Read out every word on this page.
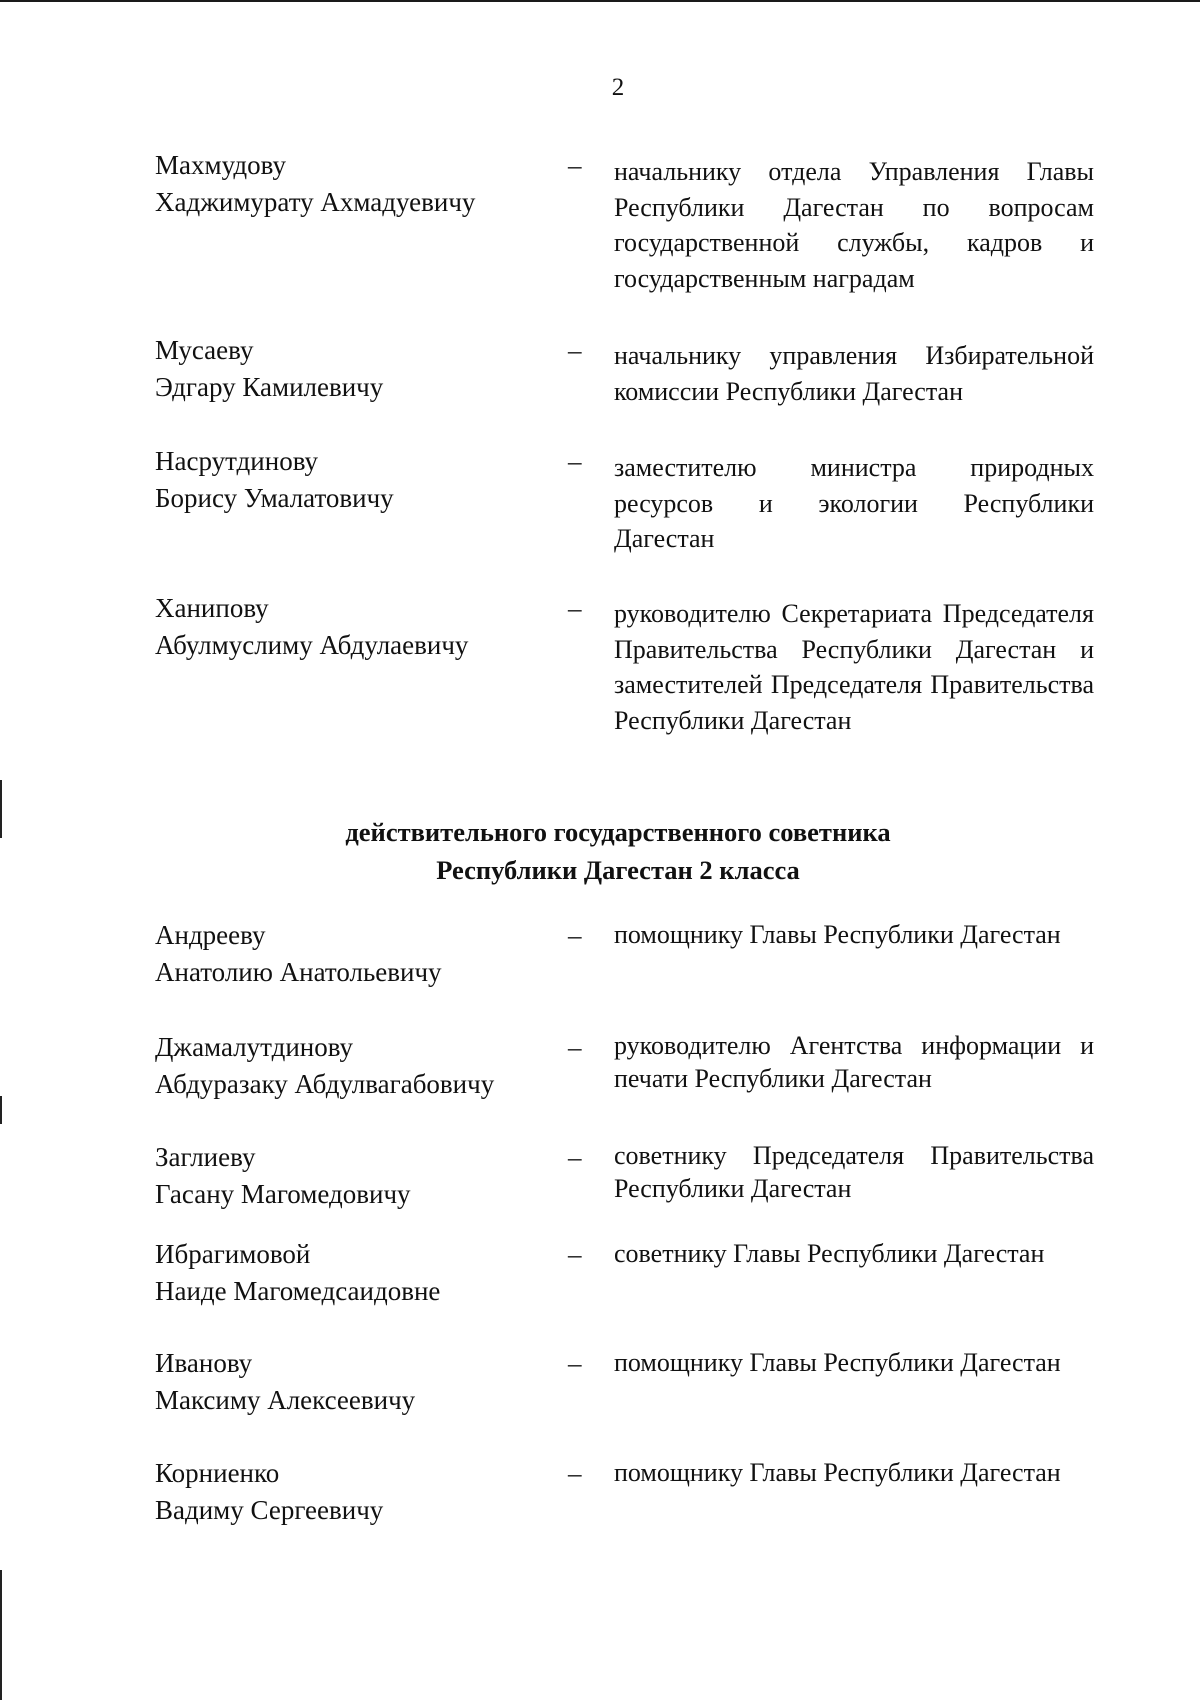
2
Махмудову
Хаджимурату Ахмадуевичу
– начальнику отдела Управления Главы
Республики Дагестан по вопросам
государственной службы, кадров и
государственным наградам
Мусаеву
Эдгару Камилевичу
– начальнику управления Избирательной
комиссии Республики Дагестан
Насрутдинову
Борису Умалатовичу
– заместителю министра природных
ресурсов и экологии Республики
Дагестан
Ханипову
Абулмуслиму Абдулаевичу
– руководителю Секретариата Председателя
Правительства Республики Дагестан и
заместителей Председателя Правительства
Республики Дагестан
действительного государственного советника
Республики Дагестан 2 класса
Андрееву
Анатолию Анатольевичу
– помощнику Главы Республики Дагестан
Джамалутдинову
Абдуразаку Абдулвагабовичу
– руководителю Агентства информации и
печати Республики Дагестан
Заглиеву
Гасану Магомедовичу
– советнику Председателя Правительства
Республики Дагестан
Ибрагимовой
Наиде Магомедсаидовне
– советнику Главы Республики Дагестан
Иванову
Максиму Алексеевичу
– помощнику Главы Республики Дагестан
Корниенко
Вадиму Сергеевичу
– помощнику Главы Республики Дагестан
